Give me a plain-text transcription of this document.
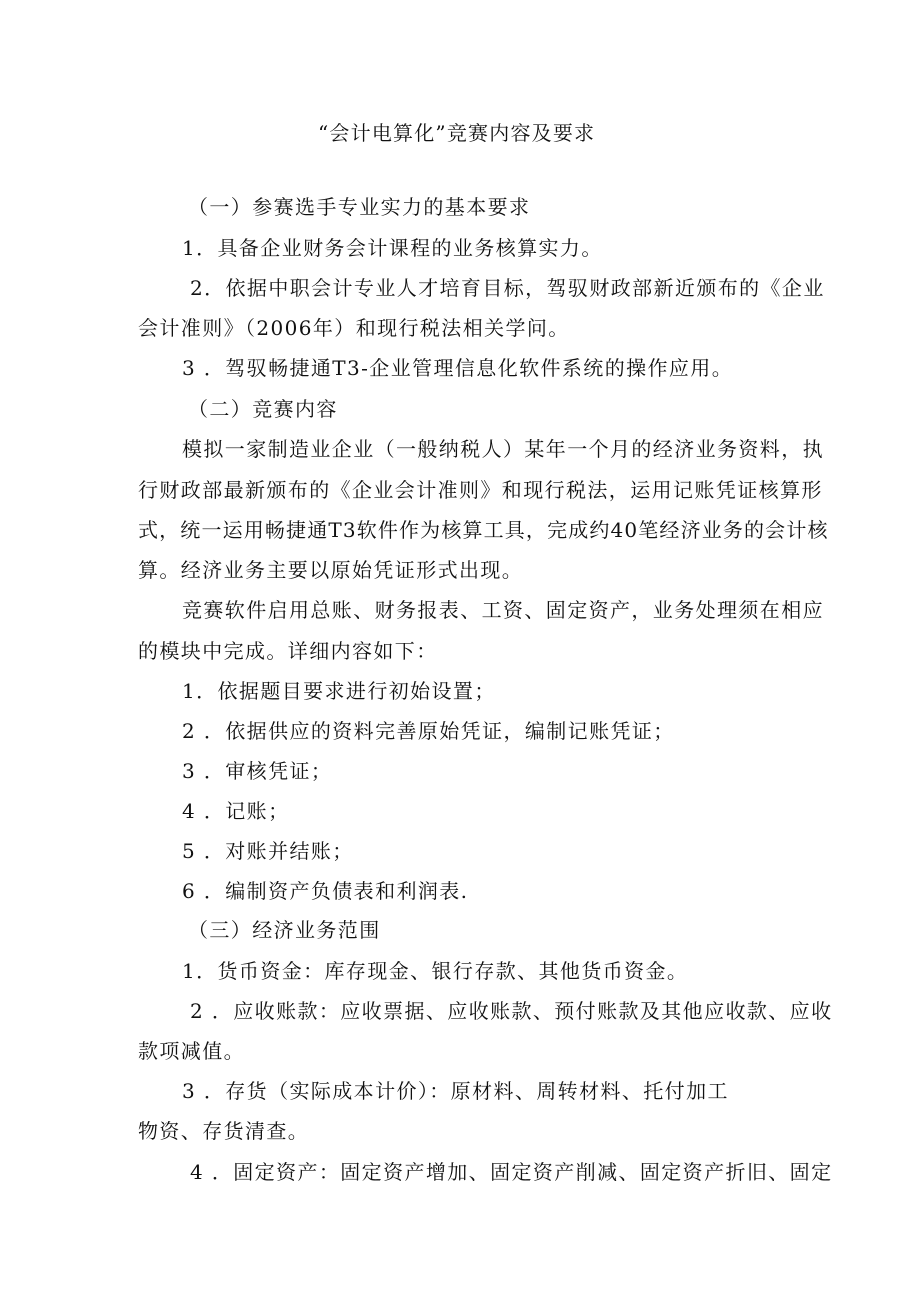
“会计电算化”竞赛内容及要求
（一）参赛选手专业实力的基本要求
1．具备企业财务会计课程的业务核算实力。
2．依据中职会计专业人才培育目标，驾驭财政部新近颁布的《企业
会计准则》（2006年）和现行税法相关学问。
3 ．驾驭畅捷通T3-企业管理信息化软件系统的操作应用。
（二）竞赛内容
模拟一家制造业企业（一般纳税人）某年一个月的经济业务资料，执
行财政部最新颁布的《企业会计准则》和现行税法，运用记账凭证核算形
式，统一运用畅捷通T3软件作为核算工具，完成约40笔经济业务的会计核
算。经济业务主要以原始凭证形式出现。
竞赛软件启用总账、财务报表、工资、固定资产，业务处理须在相应
的模块中完成。详细内容如下：
1．依据题目要求进行初始设置；
2 ．依据供应的资料完善原始凭证，编制记账凭证；
3 ．审核凭证；
4 ．记账；
5 ．对账并结账；
6 ．编制资产负债表和利润表.
（三）经济业务范围
1．货币资金：库存现金、银行存款、其他货币资金。
2 ．应收账款：应收票据、应收账款、预付账款及其他应收款、应收
款项减值。
3 ．存货（实际成本计价）：原材料、周转材料、托付加工
物资、存货清查。
4 ．固定资产：固定资产增加、固定资产削减、固定资产折旧、固定
